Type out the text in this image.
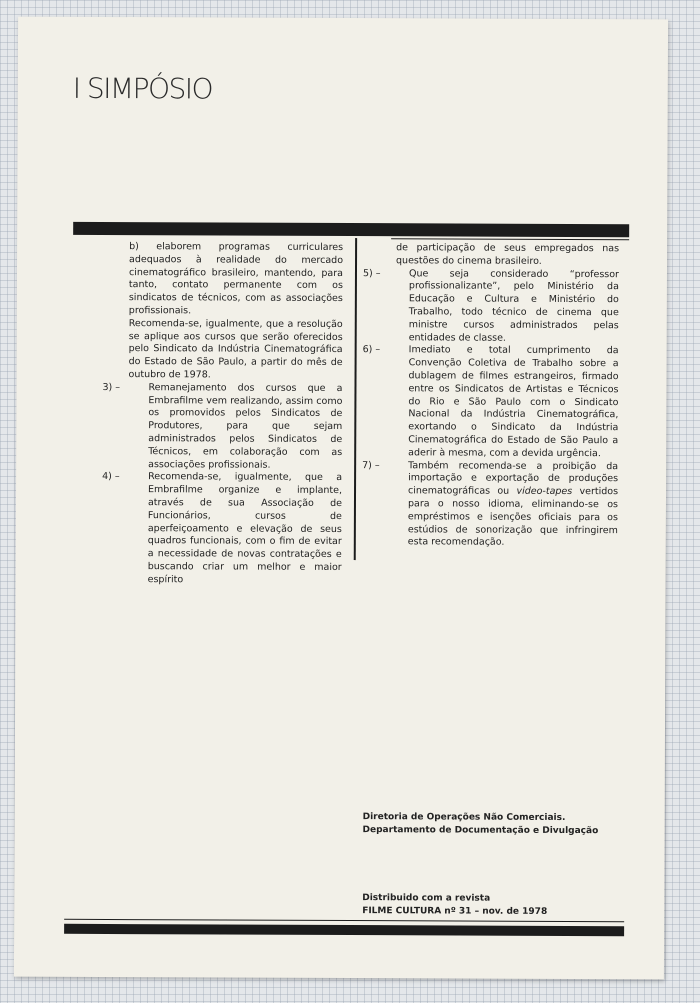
I SIMPÓSIO

b) elaborem programas curriculares adequados à realidade do mercado cinematográfico brasileiro, mantendo, para tanto, contato permanente com os sindicatos de técnicos, com as associações profissionais.

Recomenda-se, igualmente, que a resolução se aplique aos cursos que serão oferecidos pelo Sindicato da Indústria Cinematográfica do Estado de São Paulo, a partir do mês de outubro de 1978.

3) –	Remanejamento dos cursos que a Embrafilme vem realizando, assim como os promovidos pelos Sindicatos de Produtores, para que sejam administrados pelos Sindicatos de Técnicos, em colaboração com as associações profissionais.
4) –	Recomenda-se, igualmente, que a Embrafilme organize e implante, através de sua Associação de Funcionários, cursos de aperfeiçoamento e elevação de seus quadros funcionais, com o fim de evitar a necessidade de novas contratações e buscando criar um melhor e maior espírito

de participação de seus empregados nas questões do cinema brasileiro.

5) –	Que seja considerado “professor profissionalizante”, pelo Ministério da Educação e Cultura e Ministério do Trabalho, todo técnico de cinema que ministre cursos administrados pelas entidades de classe.
6) –	Imediato e total cumprimento da Convenção Coletiva de Trabalho sobre a dublagem de filmes estrangeiros, firmado entre os Sindicatos de Artistas e Técnicos do Rio e São Paulo com o Sindicato Nacional da Indústria Cinematográfica, exortando o Sindicato da Indústria Cinematográfica do Estado de São Paulo a aderir à mesma, com a devida urgência.
7) –	Também recomenda-se a proibição da importação e exportação de produções cinematográficas ou video-tapes vertidos para o nosso idioma, eliminando-se os empréstimos e isenções oficiais para os estúdios de sonorização que infringirem esta recomendação.
Diretoria de Operações Não Comerciais.
Departamento de Documentação e Divulgação
Distribuido com a revista
FILME CULTURA nº 31 – nov. de 1978
